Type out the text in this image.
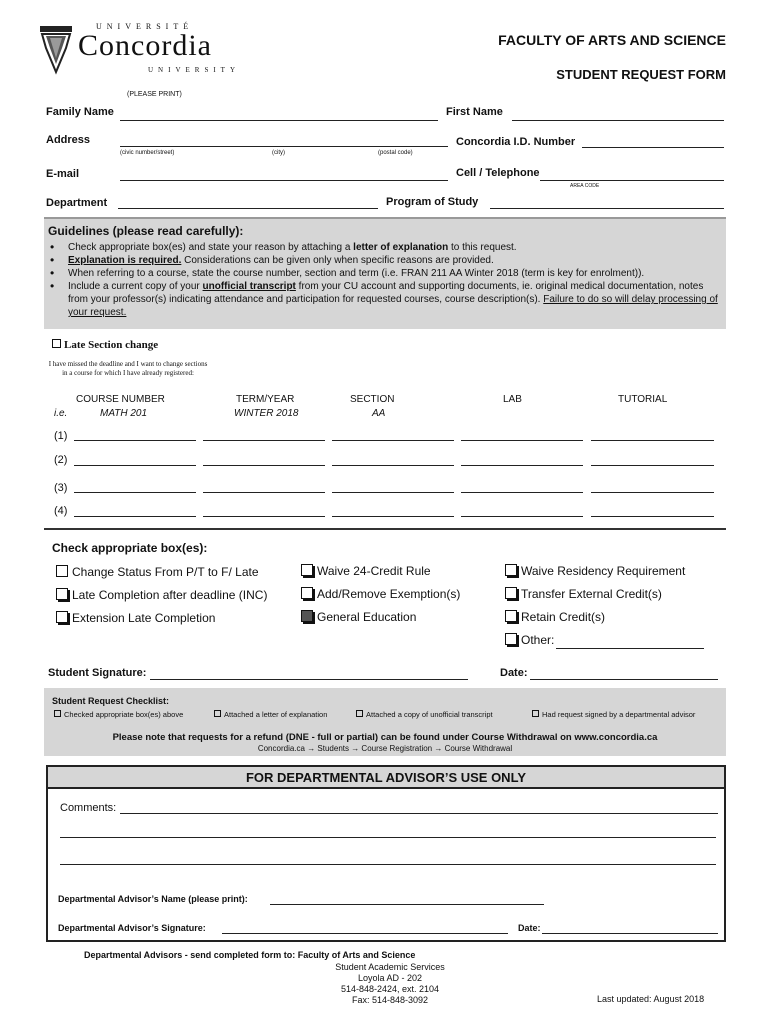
UNIVERSITÉ
Concordia
UNIVERSITY
FACULTY OF ARTS AND SCIENCE
STUDENT REQUEST FORM
(PLEASE PRINT)
Family Name	First Name
Address
(civic number/street)	(city)	(postal code)
Concordia I.D. Number
E-mail	Cell / Telephone
AREA CODE
Department	Program of Study
Guidelines (please read carefully):
• Check appropriate box(es) and state your reason by attaching a letter of explanation to this request.
• Explanation is required. Considerations can be given only when specific reasons are provided.
• When referring to a course, state the course number, section and term (i.e. FRAN 211 AA Winter 2018 (term is key for enrolment)).
• Include a current copy of your unofficial transcript from your CU account and supporting documents, ie. original medical documentation, notes from your professor(s) indicating attendance and participation for requested courses, course description(s). Failure to do so will delay processing of your request.
Late Section change
I have missed the deadline and I want to change sections in a course for which I have already registered:
COURSE NUMBER	TERM/YEAR	SECTION	LAB	TUTORIAL
i.e.	MATH 201	WINTER 2018	AA
(1)
(2)
(3)
(4)
Check appropriate box(es):
Change Status From P/T to F/ Late
Late Completion after deadline (INC)
Extension Late Completion
Waive 24-Credit Rule
Add/Remove Exemption(s)
General Education
Waive Residency Requirement
Transfer External Credit(s)
Retain Credit(s)
Other:
Student Signature:	Date:
Student Request Checklist:
Checked appropriate box(es) above	Attached a letter of explanation	Attached a copy of unofficial transcript	Had request signed by a departmental advisor
Please note that requests for a refund (DNE - full or partial) can be found under Course Withdrawal on www.concordia.ca
Concordia.ca → Students → Course Registration → Course Withdrawal
FOR DEPARTMENTAL ADVISOR’S USE ONLY
Comments:
Departmental Advisor’s Name (please print):
Departmental Advisor’s Signature:	Date:
Departmental Advisors - send completed form to: Faculty of Arts and Science
Student Academic Services
Loyola AD - 202
514-848-2424, ext. 2104
Fax: 514-848-3092	Last updated: August 2018
